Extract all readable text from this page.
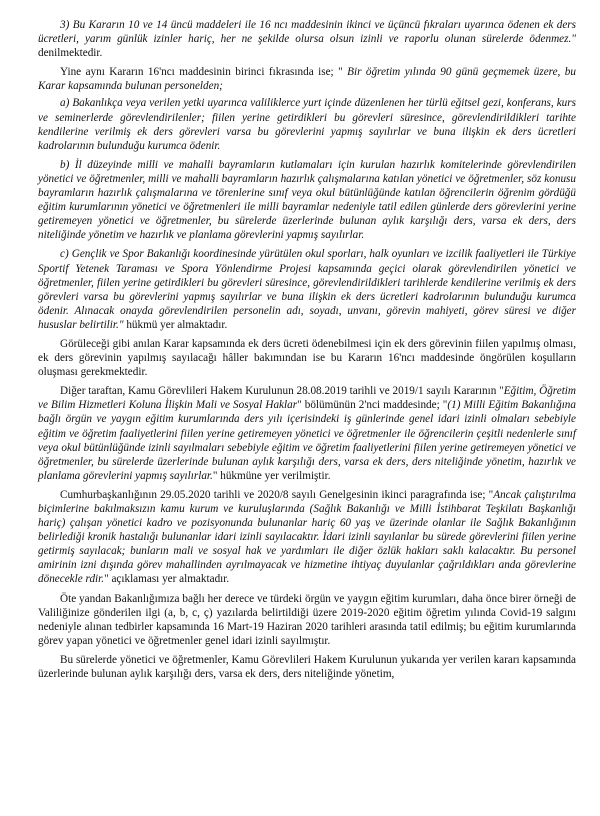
3) Bu Kararın 10 ve 14 üncü maddeleri ile 16 ncı maddesinin ikinci ve üçüncü fıkraları uyarınca ödenen ek ders ücretleri, yarım günlük izinler hariç, her ne şekilde olursa olsun izinli ve raporlu olunan sürelerde ödenmez." denilmektedir.

Yine aynı Kararın 16'ncı maddesinin birinci fıkrasında ise; " Bir öğretim yılında 90 günü geçmemek üzere, bu Karar kapsamında bulunan personelden;

a) Bakanlıkça veya verilen yetki uyarınca valiliklerce yurt içinde düzenlenen her türlü eğitsel gezi, konferans, kurs ve seminerlerde görevlendirilenler; fiilen yerine getirdikleri bu görevleri süresince, görevlendirildikleri tarihte kendilerine verilmiş ek ders görevleri varsa bu görevlerini yapmış sayılırlar ve buna ilişkin ek ders ücretleri kadrolarının bulunduğu kurumca ödenir.

b) İl düzeyinde milli ve mahalli bayramların kutlamaları için kurulan hazırlık komitelerinde görevlendirilen yönetici ve öğretmenler, milli ve mahalli bayramların hazırlık çalışmalarına katılan yönetici ve öğretmenler, söz konusu bayramların hazırlık çalışmalarına ve törenlerine sınıf veya okul bütünlüğünde katılan öğrencilerin öğrenim gördüğü eğitim kurumlarının yönetici ve öğretmenleri ile milli bayramlar nedeniyle tatil edilen günlerde ders görevlerini yerine getiremeyen yönetici ve öğretmenler, bu sürelerde üzerlerinde bulunan aylık karşılığı ders, varsa ek ders, ders niteliğinde yönetim ve hazırlık ve planlama görevlerini yapmış sayılırlar.

c) Gençlik ve Spor Bakanlığı koordinesinde yürütülen okul sporları, halk oyunları ve izcilik faaliyetleri ile Türkiye Sportif Yetenek Taraması ve Spora Yönlendirme Projesi kapsamında geçici olarak görevlendirilen yönetici ve öğretmenler, fiilen yerine getirdikleri bu görevleri süresince, görevlendirildikleri tarihlerde kendilerine verilmiş ek ders görevleri varsa bu görevlerini yapmış sayılırlar ve buna ilişkin ek ders ücretleri kadrolarının bulunduğu kurumca ödenir. Alınacak onayda görevlendirilen personelin adı, soyadı, unvanı, görevin mahiyeti, görev süresi ve diğer hususlar belirtilir." hükmü yer almaktadır.

Görüleceği gibi anılan Karar kapsamında ek ders ücreti ödenebilmesi için ek ders görevinin fiilen yapılmış olması, ek ders görevinin yapılmış sayılacağı hâller bakımından ise bu Kararın 16'ncı maddesinde öngörülen koşulların oluşması gerekmektedir.

Diğer taraftan, Kamu Görevlileri Hakem Kurulunun 28.08.2019 tarihli ve 2019/1 sayılı Kararının "Eğitim, Öğretim ve Bilim Hizmetleri Koluna İlişkin Mali ve Sosyal Haklar" bölümünün 2'nci maddesinde; "(1) Milli Eğitim Bakanlığına bağlı örgün ve yaygın eğitim kurumlarında ders yılı içerisindeki iş günlerinde genel idari izinli olmaları sebebiyle eğitim ve öğretim faaliyetlerini fiilen yerine getiremeyen yönetici ve öğretmenler ile öğrencilerin çeşitli nedenlerle sınıf veya okul bütünlüğünde izinli sayılmaları sebebiyle eğitim ve öğretim faaliyetlerini fiilen yerine getiremeyen yönetici ve öğretmenler, bu sürelerde üzerlerinde bulunan aylık karşılığı ders, varsa ek ders, ders niteliğinde yönetim, hazırlık ve planlama görevlerini yapmış sayılırlar." hükmüne yer verilmiştir.

Cumhurbaşkanlığının 29.05.2020 tarihli ve 2020/8 sayılı Genelgesinin ikinci paragrafında ise; "Ancak çalıştırılma biçimlerine bakılmaksızın kamu kurum ve kuruluşlarında (Sağlık Bakanlığı ve Milli İstihbarat Teşkilatı Başkanlığı hariç) çalışan yönetici kadro ve pozisyonunda bulunanlar hariç 60 yaş ve üzerinde olanlar ile Sağlık Bakanlığının belirlediği kronik hastalığı bulunanlar idari izinli sayılacaktır. İdari izinli sayılanlar bu sürede görevlerini fiilen yerine getirmiş sayılacak; bunların mali ve sosyal hak ve yardımları ile diğer özlük hakları saklı kalacaktır. Bu personel amirinin izni dışında görev mahallinden ayrılmayacak ve hizmetine ihtiyaç duyulanlar çağrıldıkları anda görevlerine dönecekle rdir." açıklaması yer almaktadır.

Öte yandan Bakanlığımıza bağlı her derece ve türdeki örgün ve yaygın eğitim kurumları, daha önce birer örneği de Valiliğinize gönderilen ilgi (a, b, c, ç) yazılarda belirtildiği üzere 2019-2020 eğitim öğretim yılında Covid-19 salgını nedeniyle alınan tedbirler kapsamında 16 Mart-19 Haziran 2020 tarihleri arasında tatil edilmiş; bu eğitim kurumlarında görev yapan yönetici ve öğretmenler genel idari izinli sayılmıştır.

Bu sürelerde yönetici ve öğretmenler, Kamu Görevlileri Hakem Kurulunun yukarıda yer verilen kararı kapsamında üzerlerinde bulunan aylık karşılığı ders, varsa ek ders, ders niteliğinde yönetim,
